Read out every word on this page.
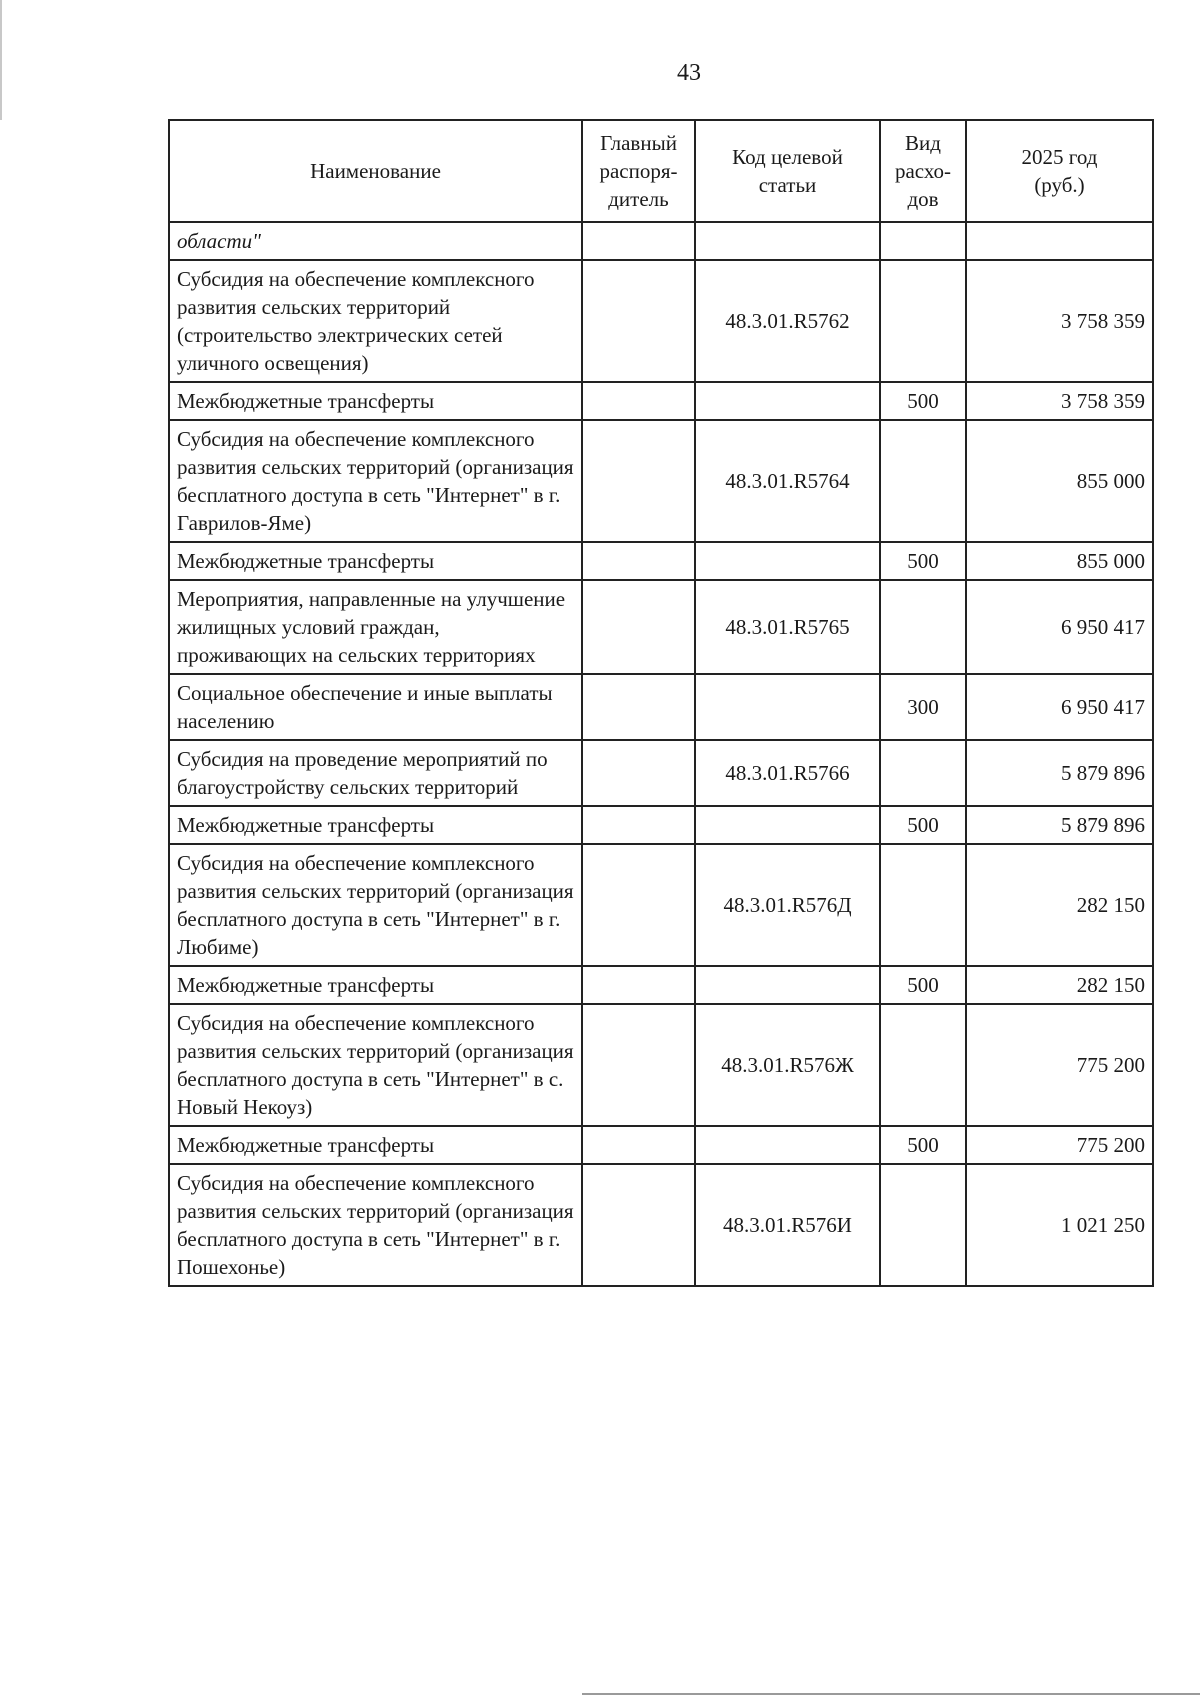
43
Наименование	Главный распоря-дитель	Код целевой статьи	Вид расхо-дов	2025 год (руб.)
области"				
Субсидия на обеспечение комплексного развития сельских территорий (строительство электрических сетей уличного освещения)		48.3.01.R5762		3 758 359
Межбюджетные трансферты			500	3 758 359
Субсидия на обеспечение комплексного развития сельских территорий (организация бесплатного доступа в сеть "Интернет" в г. Гаврилов-Яме)		48.3.01.R5764		855 000
Межбюджетные трансферты			500	855 000
Мероприятия, направленные на улучшение жилищных условий граждан, проживающих на сельских территориях		48.3.01.R5765		6 950 417
Социальное обеспечение и иные выплаты населению			300	6 950 417
Субсидия на проведение мероприятий по благоустройству сельских территорий		48.3.01.R5766		5 879 896
Межбюджетные трансферты			500	5 879 896
Субсидия на обеспечение комплексного развития сельских территорий (организация бесплатного доступа в сеть "Интернет" в г. Любиме)		48.3.01.R576Д		282 150
Межбюджетные трансферты			500	282 150
Субсидия на обеспечение комплексного развития сельских территорий (организация бесплатного доступа в сеть "Интернет" в с. Новый Некоуз)		48.3.01.R576Ж		775 200
Межбюджетные трансферты			500	775 200
Субсидия на обеспечение комплексного развития сельских территорий (организация бесплатного доступа в сеть "Интернет" в г. Пошехонье)		48.3.01.R576И		1 021 250
